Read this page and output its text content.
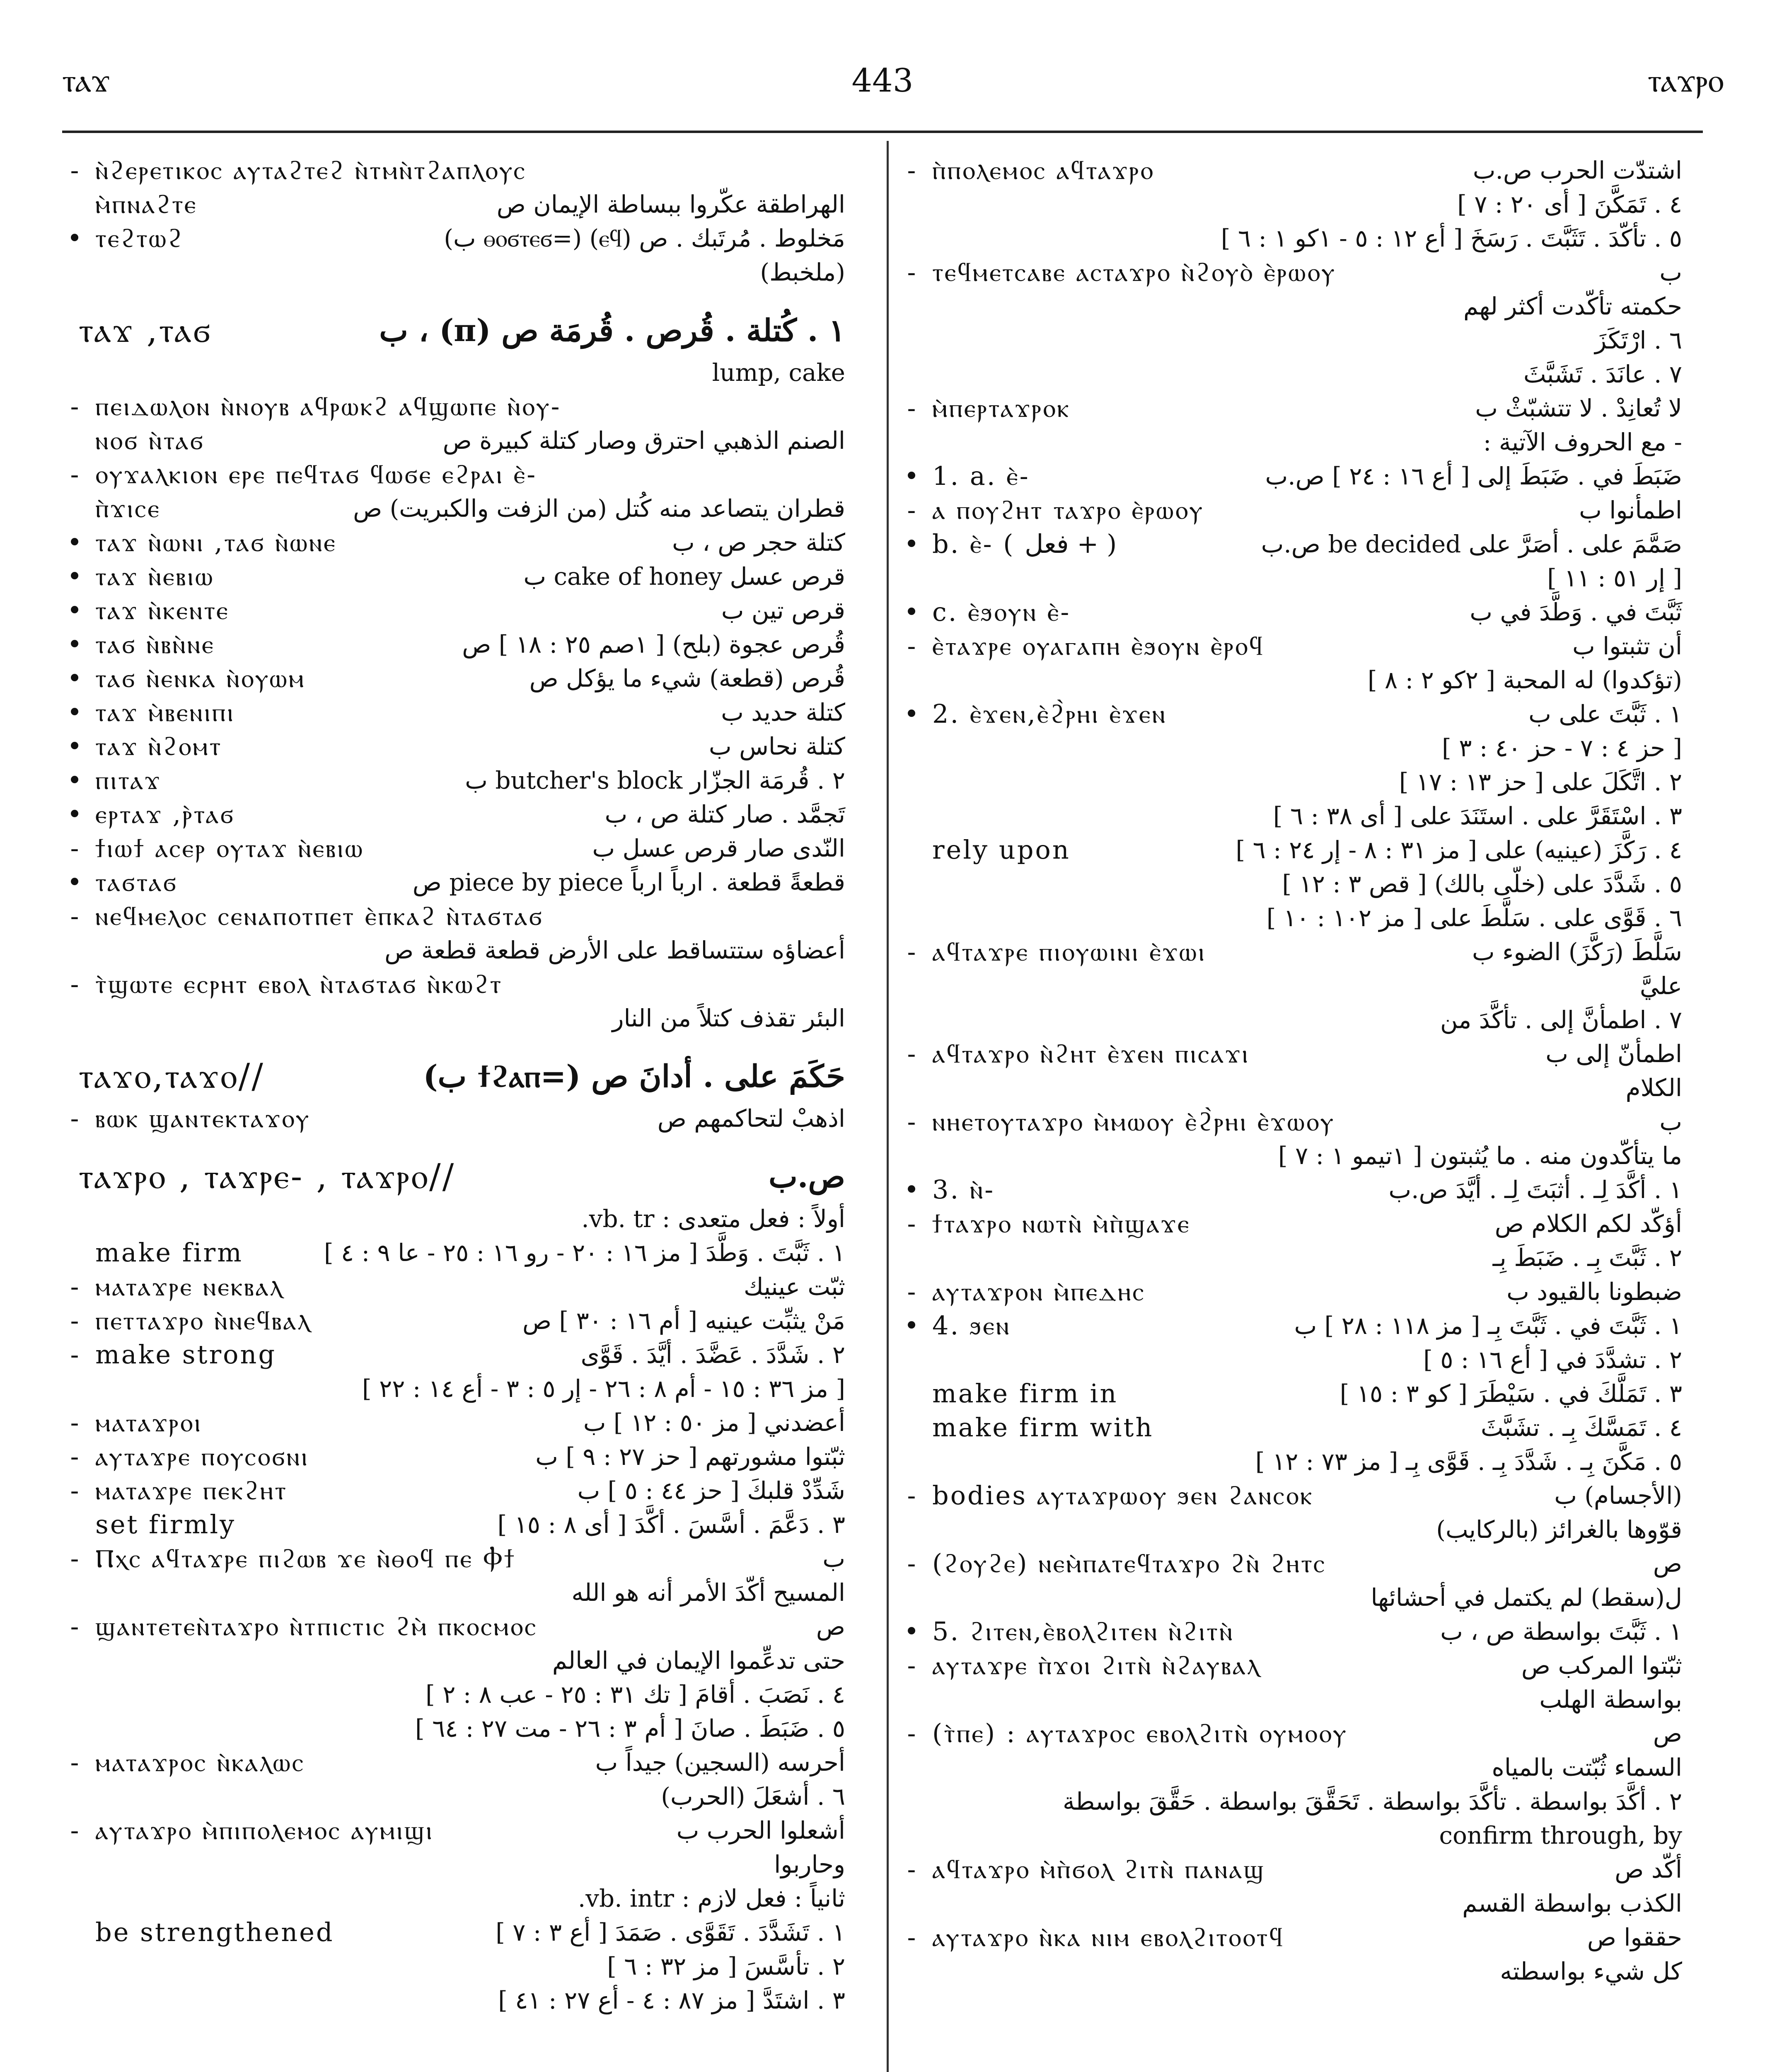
ⲧⲁϫ	443	ⲧⲁϫⲣⲟ
- ⲛ̀ϩⲉⲣⲉⲧⲓⲕⲟⲥ ⲁⲩⲧⲁϩⲧⲉϩ ⲛ̀ⲧⲙⲛ̀ⲧϩⲁⲡⲗⲟⲩⲥ
ⲙ̀ⲡⲛⲁϩⲧⲉ	الهراطقة عكّروا ببساطة الإيمان ص
• ⲧⲉϩⲧⲱϩ	مَخلوط . مُرتَبك . ص (ⲉϥ) (=ⲑⲟϭⲧⲉϭ ب)
(ملخبط)
ⲧⲁϫ ,ⲧⲁϭ	١ . كُتلة . قُرص . قُرمَة ص (π) ، ب
lump, cake
- ⲡⲉⲓⲇⲱⲗⲟⲛ ⲛ̀ⲛⲟⲩⲃ ⲁϥⲣⲱⲕϩ ⲁϥϣⲱⲡⲉ ⲛ̀ⲟⲩ-
ⲛⲟϭ ⲛ̀ⲧⲁϭ	الصنم الذهبي احترق وصار كتلة كبيرة ص
- ⲟⲩϫⲁⲗⲕⲓⲟⲛ ⲉⲣⲉ ⲡⲉϥⲧⲁϭ ϥⲱϭⲉ ⲉϩⲣⲁⲓ ⲉ̀-
ⲡ̀ϫⲓⲥⲉ	قطران يتصاعد منه كُتل (من الزفت والكبريت) ص
• ⲧⲁϫ ⲛ̀ⲱⲛⲓ ,ⲧⲁϭ ⲛ̀ⲱⲛⲉ	كتلة حجر ص ، ب
• ⲧⲁϫ ⲛ̀ⲉⲃⲓⲱ	قرص عسل cake of honey ب
• ⲧⲁϫ ⲛ̀ⲕⲉⲛⲧⲉ	قرص تين ب
• ⲧⲁϭ ⲛ̀ⲃⲛ̀ⲛⲉ	قُرص عجوة (بلح) [ ١صم ٢٥ : ١٨ ] ص
• ⲧⲁϭ ⲛ̀ⲉⲛⲕⲁ ⲛ̀ⲟⲩⲱⲙ	قُرص (قطعة) شيء ما يؤكل ص
• ⲧⲁϫ ⲙ̀ⲃⲉⲛⲓⲡⲓ	كتلة حديد ب
• ⲧⲁϫ ⲛ̀ϩⲟⲙⲧ	كتلة نحاس ب
• ⲡⲓⲧⲁϫ	٢ . قُرمَة الجزّار butcher's block ب
• ⲉⲣⲧⲁϫ ,ⲣ̀ⲧⲁϭ	تَجمَّد . صار كتلة ص ، ب
- ϯⲓⲱϯ ⲁⲥⲉⲣ ⲟⲩⲧⲁϫ ⲛ̀ⲉⲃⲓⲱ	النّدى صار قرص عسل ب
• ⲧⲁϭⲧⲁϭ	قطعةً قطعة . ارباً ارباً piece by piece ص
- ⲛⲉϥⲙⲉⲗⲟⲥ ⲥⲉⲛⲁⲡⲟⲧⲡⲉⲧ ⲉ̀ⲡⲕⲁϩ ⲛ̀ⲧⲁϭⲧⲁϭ
أعضاؤه ستتساقط على الأرض قطعة قطعة ص
- ⲧ̀ϣⲱⲧⲉ ⲉⲥⲣⲏⲧ ⲉⲃⲟⲗ ⲛ̀ⲧⲁϭⲧⲁϭ ⲛ̀ⲕⲱϩⲧ
البئر تقذف كتلاً من النار
ⲧⲁϫⲟ,ⲧⲁϫⲟ//	حَكَمَ على . أدانَ ص (=ϯϩⲁⲡ ب)
- ⲃⲱⲕ ϣⲁⲛⲧⲉⲕⲧⲁϫⲟⲩ	اذهبْ لتحاكمهم ص
ⲧⲁϫⲣⲟ , ⲧⲁϫⲣⲉ- , ⲧⲁϫⲣⲟ//	ص.ب
أولاً : فعل متعدى : vb. tr.
make firm	١ . ثَبَّتَ . وَطَّدَ [ مز ١٦ : ٢٠ - رو ١٦ : ٢٥ - عا ٩ : ٤ ]
- ⲙⲁⲧⲁϫⲣⲉ ⲛⲉⲕⲃⲁⲗ	ثبّت عينيك
- ⲡⲉⲧⲧⲁϫⲣⲟ ⲛ̀ⲛⲉϥⲃⲁⲗ	مَنْ يثبِّت عينيه [ أم ١٦ : ٣٠ ] ص
- make strong	٢ . شَدَّدَ . عَضَّدَ . أيَّدَ . قَوَّى
[ مز ٣٦ : ١٥ - أم ٨ : ٢٦ - إر ٥ : ٣ - أع ١٤ : ٢٢ ]
- ⲙⲁⲧⲁϫⲣⲟⲓ	أعضدني [ مز ٥٠ : ١٢ ] ب
- ⲁⲩⲧⲁϫⲣⲉ ⲡⲟⲩⲥⲟϭⲛⲓ	ثبّتوا مشورتهم [ حز ٢٧ : ٩ ] ب
- ⲙⲁⲧⲁϫⲣⲉ ⲡⲉⲕϩⲏⲧ	شَدِّدْ قلبكَ [ حز ٤٤ : ٥ ] ب
set firmly	٣ . دَعَّمَ . أسَّسَ . أكَّدَ [ أى ٨ : ١٥ ]
- Ⲡⲭⲥ ⲁϥⲧⲁϫⲣⲉ ⲡⲓϩⲱⲃ ϫⲉ ⲛ̀ⲑⲟϥ ⲡⲉ Ⲫϯ	ب
المسيح أكّدَ الأمر أنه هو الله
- ϣⲁⲛⲧⲉⲧⲉⲛ̀ⲧⲁϫⲣⲟ ⲛ̀ⲧⲡⲓⲥⲧⲓⲥ ϩⲙ̀ ⲡⲕⲟⲥⲙⲟⲥ	ص
حتى تدعِّموا الإيمان في العالم
٤ . نَصَبَ . أقامَ [ تك ٣١ : ٢٥ - عب ٨ : ٢ ]
٥ . ضَبَطَ . صانَ [ أم ٣ : ٢٦ - مت ٢٧ : ٦٤ ]
- ⲙⲁⲧⲁϫⲣⲟⲥ ⲛ̀ⲕⲁⲗⲱⲥ	أحرسه (السجين) جيداً ب
٦ . أشعَلَ (الحرب)
- ⲁⲩⲧⲁϫⲣⲟ ⲙ̀ⲡⲓⲡⲟⲗⲉⲙⲟⲥ ⲁⲩⲙⲓϣⲓ	أشعلوا الحرب ب
وحاربوا
ثانياً : فعل لازم : vb. intr.
be strengthened	١ . تَشَدَّدَ . تَقَوَّى . صَمَدَ [ أع ٣ : ٧ ]
٢ . تأسَّسَ [ مز ٣٢ : ٦ ]
٣ . اشتَدَّ [ مز ٨٧ : ٤ - أع ٢٧ : ٤١ ]
- ⲡ̀ⲡⲟⲗⲉⲙⲟⲥ ⲁϥⲧⲁϫⲣⲟ	اشتدّت الحرب ص.ب
٤ . تَمَكَّنَ [ أى ٢٠ : ٧ ]
٥ . تأكّدَ . تَثَبَّتَ . رَسَخَ [ أع ١٢ : ٥ - ١كو ١ : ٦ ]
- ⲧⲉϥⲙⲉⲧⲥⲁⲃⲉ ⲁⲥⲧⲁϫⲣⲟ ⲛ̀ϩⲟⲩⲟ̀ ⲉ̀ⲣⲱⲟⲩ	ب
حكمته تأكّدت أكثر لهم
٦ . ارْتَكَزَ
٧ . عانَدَ . تَشَبَّثَ
- ⲙ̀ⲡⲉⲣⲧⲁϫⲣⲟⲕ	لا تُعانِدْ . لا تتشبّثْ ب
- مع الحروف الآتية :
• 1. a. ⲉ̀-	ضَبَطَ في . ضَبَطَ إلى [ أع ١٦ : ٢٤ ] ص.ب
- ⲁ ⲡⲟⲩϩⲏⲧ ⲧⲁϫⲣⲟ ⲉ̀ⲣⲱⲟⲩ	اطمأنوا ب
• b. ⲉ̀- ( فعل + )	صَمَّمَ على . أصَرَّ على be decided ص.ب
[ إر ٥١ : ١١ ]
• c. ⲉ̀ϧⲟⲩⲛ ⲉ̀-	ثَبَّتَ في . وَطَّدَ في ب
- ⲉ̀ⲧⲁϫⲣⲉ ⲟⲩⲁⲅⲁⲡⲏ ⲉ̀ϧⲟⲩⲛ ⲉ̀ⲣⲟϥ	أن تثبتوا ب
(تؤكدوا) له المحبة [ ٢كو ٢ : ٨ ]
• 2. ⲉ̀ϫⲉⲛ,ⲉ̀ϩ̀ⲣⲏⲓ ⲉ̀ϫⲉⲛ	١ . ثَبَّتَ على ب
[ حز ٤ : ٧ - حز ٤٠ : ٣ ]
٢ . اتَّكَلَ على [ حز ١٣ : ١٧ ]
٣ . اسْتَقَرَّ على . استَنَدَ على [ أى ٣٨ : ٦ ]
rely upon	٤ . رَكَّزَ (عينيه) على [ مز ٣١ : ٨ - إر ٢٤ : ٦ ]
٥ . شَدَّدَ على (خلّى بالك) [ قص ٣ : ١٢ ]
٦ . قَوَّى على . سَلَّطَ على [ مز ١٠٢ : ١٠ ]
- ⲁϥⲧⲁϫⲣⲉ ⲡⲓⲟⲩⲱⲓⲛⲓ ⲉ̀ϫⲱⲓ	سَلَّطَ (رَكَّزَ) الضوء ب
عليَّ
٧ . اطمأنَّ إلى . تأكَّدَ من
- ⲁϥⲧⲁϫⲣⲟ ⲛ̀ϩⲏⲧ ⲉ̀ϫⲉⲛ ⲡⲓⲥⲁϫⲓ	اطمأنّ إلى ب
الكلام
- ⲛⲏⲉⲧⲟⲩⲧⲁϫⲣⲟ ⲙ̀ⲙⲱⲟⲩ ⲉ̀ϩ̀ⲣⲏⲓ ⲉ̀ϫⲱⲟⲩ	ب
ما يتأكّدون منه . ما يُثبتون [ ١تيمو ١ : ٧ ]
• 3. ⲛ̀-	١ . أكَّدَ لِـ . أثبَتَ لِـ . أيَّدَ ص.ب
- ϯⲧⲁϫⲣⲟ ⲛⲱⲧⲛ̀ ⲙ̀ⲡ̀ϣⲁϫⲉ	أؤكّد لكم الكلام ص
٢ . ثَبَّتَ بِـ . ضَبَطَ بِـ
- ⲁⲩⲧⲁϫⲣⲟⲛ ⲙ̀ⲡⲉⲇⲏⲥ	ضبطونا بالقيود ب
• 4. ϧⲉⲛ	١ . ثَبَّتَ في . ثَبَّتَ بِـ [ مز ١١٨ : ٢٨ ] ب
٢ . تشدَّدَ في [ أع ١٦ : ٥ ]
make firm in	٣ . تَمَلَّكَ في . سَيْطَرَ [ كو ٣ : ١٥ ]
make firm with	٤ . تَمَسَّكَ بِـ . تشَبَّثَ
٥ . مَكَّنَ بِـ . شَدَّدَ بِـ . قَوَّى بِـ [ مز ٧٣ : ١٢ ]
- bodies ⲁⲩⲧⲁϫⲣⲱⲟⲩ ϧⲉⲛ ϩⲁⲛⲥⲟⲕ	(الأجسام) ب
قوّوها بالغرائز (بالركايب)
- (ϩⲟⲩϩⲉ) ⲛⲉⲙ̀ⲡⲁⲧⲉϥⲧⲁϫⲣⲟ ϩⲛ̀ ϩⲏⲧⲥ	ص
ل(سقط) لم يكتمل في أحشائها
• 5. ϩⲓⲧⲉⲛ,ⲉ̀ⲃⲟⲗϩⲓⲧⲉⲛ ⲛ̀ϩⲓⲧⲛ̀	١ . ثَبَّتَ بواسطة ص ، ب
- ⲁⲩⲧⲁϫⲣⲉ ⲡ̀ϫⲟⲓ ϩⲓⲧⲛ̀ ⲛ̀ϩⲁⲩⲃⲁⲗ	ثبّتوا المركب ص
بواسطة الهلب
- (ⲧ̀ⲡⲉ) : ⲁⲩⲧⲁϫⲣⲟⲥ ⲉⲃⲟⲗϩⲓⲧⲛ̀ ⲟⲩⲙⲟⲟⲩ	ص
السماء ثُبّتت بالمياه
٢ . أكَّدَ بواسطة . تأكَّدَ بواسطة . تَحَقَّقَ بواسطة . حَقَّقَ بواسطة
confirm through, by
- ⲁϥⲧⲁϫⲣⲟ ⲙ̀ⲡ̀ϭⲟⲗ ϩⲓⲧⲛ̀ ⲡⲁⲛⲁϣ	أكّد ص
الكذب بواسطة القسم
- ⲁⲩⲧⲁϫⲣⲟ ⲛ̀ⲕⲁ ⲛⲓⲙ ⲉⲃⲟⲗϩⲓⲧⲟⲟⲧϥ	حققوا ص
كل شيء بواسطته
